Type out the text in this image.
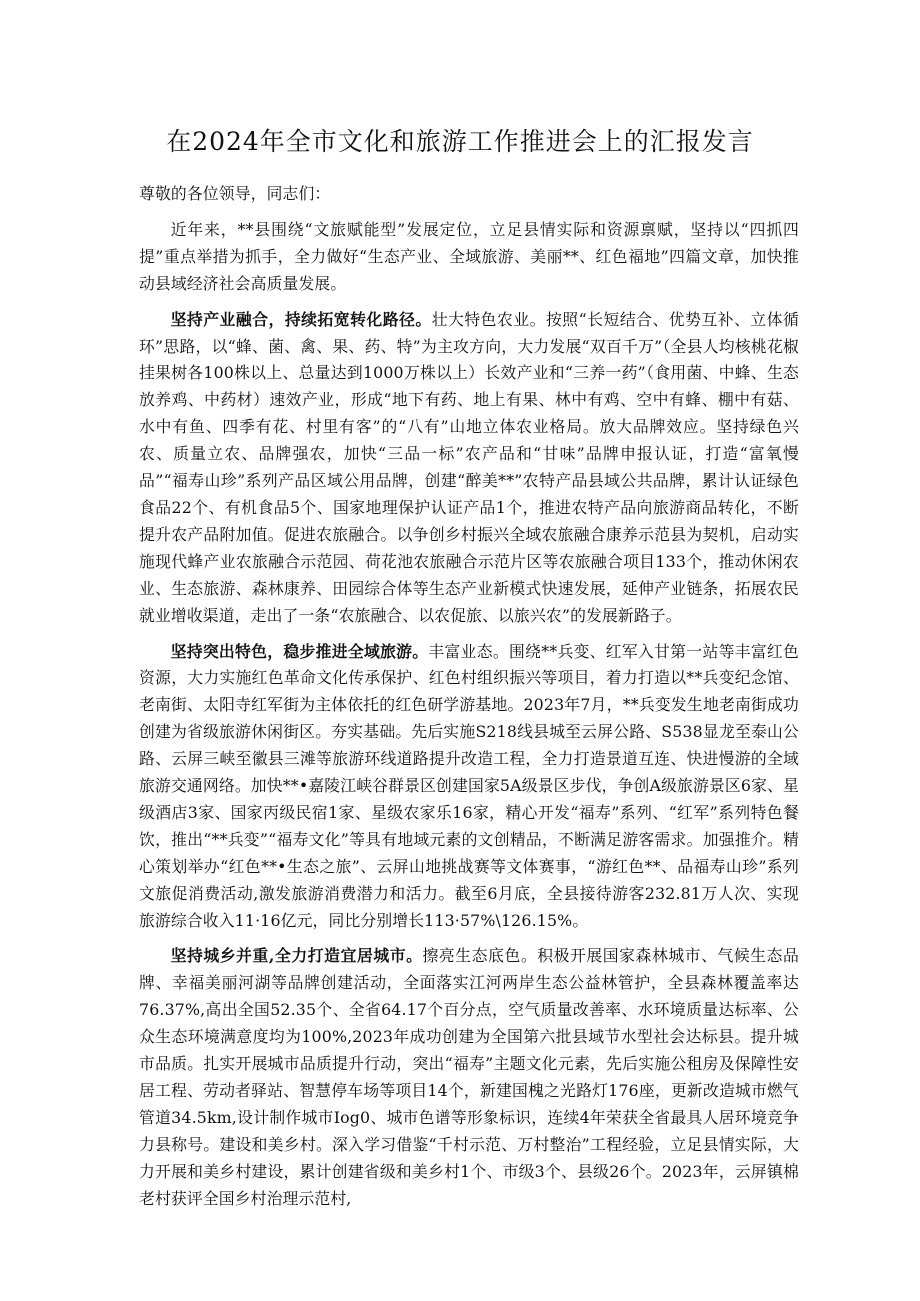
在2024年全市文化和旅游工作推进会上的汇报发言

尊敬的各位领导，同志们：

近年来，**县围绕“文旅赋能型”发展定位，立足县情实际和资源禀赋，坚持以“四抓四提”重点举措为抓手，全力做好“生态产业、全域旅游、美丽**、红色福地”四篇文章，加快推动县域经济社会高质量发展。

坚持产业融合，持续拓宽转化路径。壮大特色农业。按照“长短结合、优势互补、立体循环”思路，以“蜂、菌、禽、果、药、特”为主攻方向，大力发展“双百千万”（全县人均核桃花椒挂果树各100株以上、总量达到1000万株以上）长效产业和“三养一药”（食用菌、中蜂、生态放养鸡、中药材）速效产业，形成“地下有药、地上有果、林中有鸡、空中有蜂、棚中有菇、水中有鱼、四季有花、村里有客”的“八有”山地立体农业格局。放大品牌效应。坚持绿色兴农、质量立农、品牌强农，加快“三品一标”农产品和“甘味”品牌申报认证，打造“富氧慢品”“福寿山珍”系列产品区域公用品牌，创建“醉美**”农特产品县域公共品牌，累计认证绿色食品22个、有机食品5个、国家地理保护认证产品1个，推进农特产品向旅游商品转化，不断提升农产品附加值。促进农旅融合。以争创乡村振兴全域农旅融合康养示范县为契机，启动实施现代蜂产业农旅融合示范园、荷花池农旅融合示范片区等农旅融合项目133个，推动休闲农业、生态旅游、森林康养、田园综合体等生态产业新模式快速发展，延伸产业链条，拓展农民就业增收渠道，走出了一条“农旅融合、以农促旅、以旅兴农”的发展新路子。

坚持突出特色，稳步推进全域旅游。丰富业态。围绕**兵变、红军入甘第一站等丰富红色资源，大力实施红色革命文化传承保护、红色村组织振兴等项目，着力打造以**兵变纪念馆、老南街、太阳寺红军街为主体依托的红色研学游基地。2023年7月，**兵变发生地老南街成功创建为省级旅游休闲街区。夯实基础。先后实施S218线县城至云屏公路、S538显龙至泰山公路、云屏三峡至徽县三滩等旅游环线道路提升改造工程，全力打造景道互连、快进慢游的全域旅游交通网络。加快**•嘉陵江峡谷群景区创建国家5A级景区步伐，争创A级旅游景区6家、星级酒店3家、国家丙级民宿1家、星级农家乐16家，精心开发“福寿”系列、“红军”系列特色餐饮，推出“**兵变”“福寿文化”等具有地域元素的文创精品，不断满足游客需求。加强推介。精心策划举办“红色**•生态之旅”、云屏山地挑战赛等文体赛事，“游红色**、品福寿山珍”系列文旅促消费活动,激发旅游消费潜力和活力。截至6月底，全县接待游客232.81万人次、实现旅游综合收入11·16亿元，同比分别增长113·57%\126.15%。

坚持城乡并重,全力打造宜居城市。擦亮生态底色。积极开展国家森林城市、气候生态品牌、幸福美丽河湖等品牌创建活动，全面落实江河两岸生态公益林管护，全县森林覆盖率达76.37%,高出全国52.35个、全省64.17个百分点，空气质量改善率、水环境质量达标率、公众生态环境满意度均为100%,2023年成功创建为全国第六批县域节水型社会达标县。提升城市品质。扎实开展城市品质提升行动，突出“福寿”主题文化元素，先后实施公租房及保障性安居工程、劳动者驿站、智慧停车场等项目14个，新建国槐之光路灯176座，更新改造城市燃气管道34.5km,设计制作城市Iog0、城市色谱等形象标识，连续4年荣获全省最具人居环境竞争力县称号。建设和美乡村。深入学习借鉴“千村示范、万村整治”工程经验，立足县情实际，大力开展和美乡村建设，累计创建省级和美乡村1个、市级3个、县级26个。2023年，云屏镇棉老村获评全国乡村治理示范村,
